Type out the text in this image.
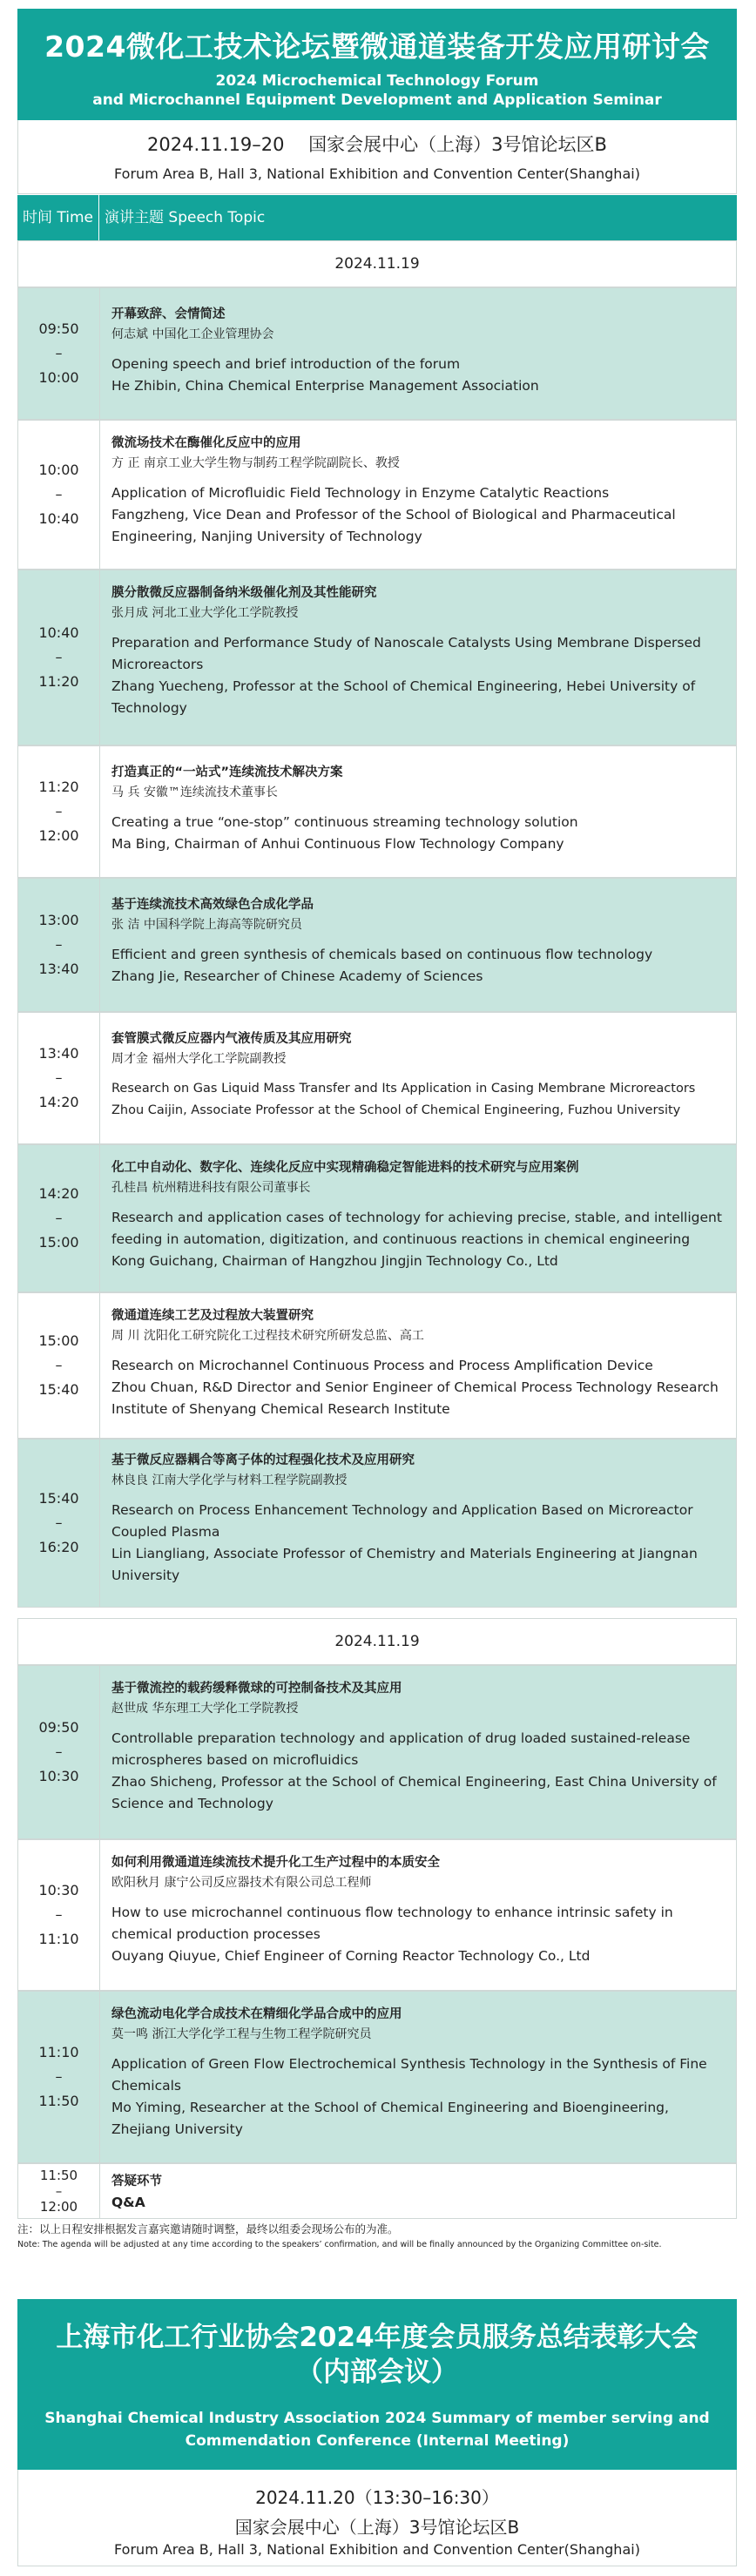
2024微化工技术论坛暨微通道装备开发应用研讨会
2024 Microchemical Technology Forum
and Microchannel Equipment Development and Application Seminar
2024.11.19–20　 国家会展中心（上海）3号馆论坛区B
Forum Area B, Hall 3, National Exhibition and Convention Center(Shanghai)
时间 Time 演讲主题 Speech Topic
2024.11.19
09:50
–
10:00
开幕致辞、会情简述
何志斌 中国化工企业管理协会
Opening speech and brief introduction of the forum
He Zhibin, China Chemical Enterprise Management Association
10:00
–
10:40
微流场技术在酶催化反应中的应用
方 正 南京工业大学生物与制药工程学院副院长、教授
Application of Microfluidic Field Technology in Enzyme Catalytic Reactions
Fangzheng, Vice Dean and Professor of the School of Biological and Pharmaceutical Engineering, Nanjing University of Technology
10:40
–
11:20
膜分散微反应器制备纳米级催化剂及其性能研究
张月成 河北工业大学化工学院教授
Preparation and Performance Study of Nanoscale Catalysts Using Membrane Dispersed Microreactors
Zhang Yuecheng, Professor at the School of Chemical Engineering, Hebei University of Technology
11:20
–
12:00
打造真正的“一站式”连续流技术解决方案
马 兵 安徽™连续流技术董事长
Creating a true “one-stop” continuous streaming technology solution
Ma Bing, Chairman of Anhui Continuous Flow Technology Company
13:00
–
13:40
基于连续流技术高效绿色合成化学品
张 洁 中国科学院上海高等院研究员
Efficient and green synthesis of chemicals based on continuous flow technology
Zhang Jie, Researcher of Chinese Academy of Sciences
13:40
–
14:20
套管膜式微反应器内气液传质及其应用研究
周才金 福州大学化工学院副教授
Research on Gas Liquid Mass Transfer and Its Application in Casing Membrane Microreactors
Zhou Caijin, Associate Professor at the School of Chemical Engineering, Fuzhou University
14:20
–
15:00
化工中自动化、数字化、连续化反应中实现精确稳定智能进料的技术研究与应用案例
孔桂昌 杭州精进科技有限公司董事长
Research and application cases of technology for achieving precise, stable, and intelligent feeding in automation, digitization, and continuous reactions in chemical engineering
Kong Guichang, Chairman of Hangzhou Jingjin Technology Co., Ltd
15:00
–
15:40
微通道连续工艺及过程放大装置研究
周 川 沈阳化工研究院化工过程技术研究所研发总监、高工
Research on Microchannel Continuous Process and Process Amplification Device
Zhou Chuan, R&D Director and Senior Engineer of Chemical Process Technology Research Institute of Shenyang Chemical Research Institute
15:40
–
16:20
基于微反应器耦合等离子体的过程强化技术及应用研究
林良良 江南大学化学与材料工程学院副教授
Research on Process Enhancement Technology and Application Based on Microreactor Coupled Plasma
Lin Liangliang, Associate Professor of Chemistry and Materials Engineering at Jiangnan University
2024.11.19
09:50
–
10:30
基于微流控的载药缓释微球的可控制备技术及其应用
赵世成 华东理工大学化工学院教授
Controllable preparation technology and application of drug loaded sustained-release microspheres based on microfluidics
Zhao Shicheng, Professor at the School of Chemical Engineering, East China University of Science and Technology
10:30
–
11:10
如何利用微通道连续流技术提升化工生产过程中的本质安全
欧阳秋月 康宁公司反应器技术有限公司总工程师
How to use microchannel continuous flow technology to enhance intrinsic safety in chemical production processes
Ouyang Qiuyue, Chief Engineer of Corning Reactor Technology Co., Ltd
11:10
–
11:50
绿色流动电化学合成技术在精细化学品合成中的应用
莫一鸣 浙江大学化学工程与生物工程学院研究员
Application of Green Flow Electrochemical Synthesis Technology in the Synthesis of Fine Chemicals
Mo Yiming, Researcher at the School of Chemical Engineering and Bioengineering, Zhejiang University
11:50
–
12:00
答疑环节
Q&A
注：以上日程安排根据发言嘉宾邀请随时调整，最终以组委会现场公布的为准。
Note: The agenda will be adjusted at any time according to the speakers’ confirmation, and will be finally announced by the Organizing Committee on-site.
上海市化工行业协会2024年度会员服务总结表彰大会
（内部会议）
Shanghai Chemical Industry Association 2024 Summary of member serving and Commendation Conference (Internal Meeting)
2024.11.20（13:30–16:30）
国家会展中心（上海）3号馆论坛区B
Forum Area B, Hall 3, National Exhibition and Convention Center(Shanghai)
